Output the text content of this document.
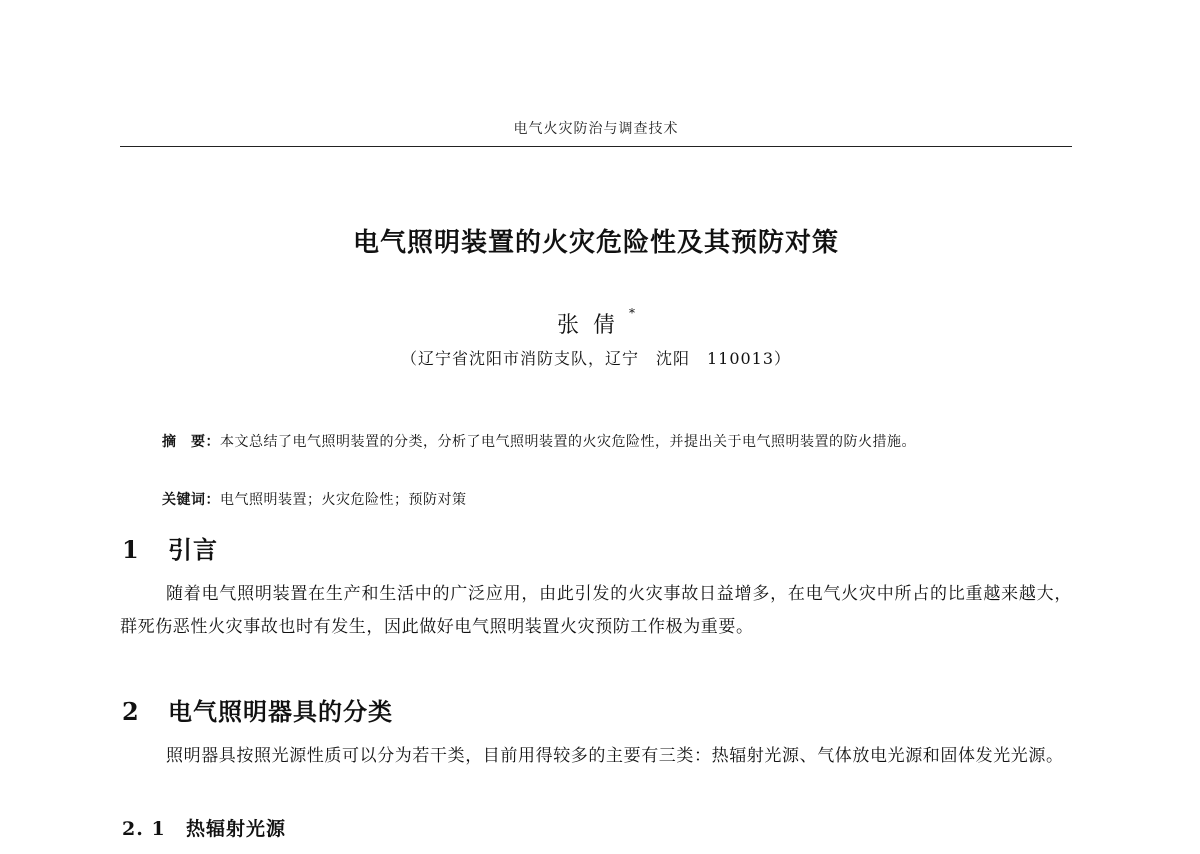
电气火灾防治与调查技术
电气照明装置的火灾危险性及其预防对策
张倩*
（辽宁省沈阳市消防支队，辽宁　沈阳　110013）
摘　要：本文总结了电气照明装置的分类，分析了电气照明装置的火灾危险性，并提出关于电气照明装置的防火措施。
关键词：电气照明装置；火灾危险性；预防对策
1 引言
随着电气照明装置在生产和生活中的广泛应用，由此引发的火灾事故日益增多，在电气火灾中所占的比重越来越大，群死伤恶性火灾事故也时有发生，因此做好电气照明装置火灾预防工作极为重要。
2 电气照明器具的分类
照明器具按照光源性质可以分为若干类，目前用得较多的主要有三类：热辐射光源、气体放电光源和固体发光光源。
2. 1 热辐射光源
